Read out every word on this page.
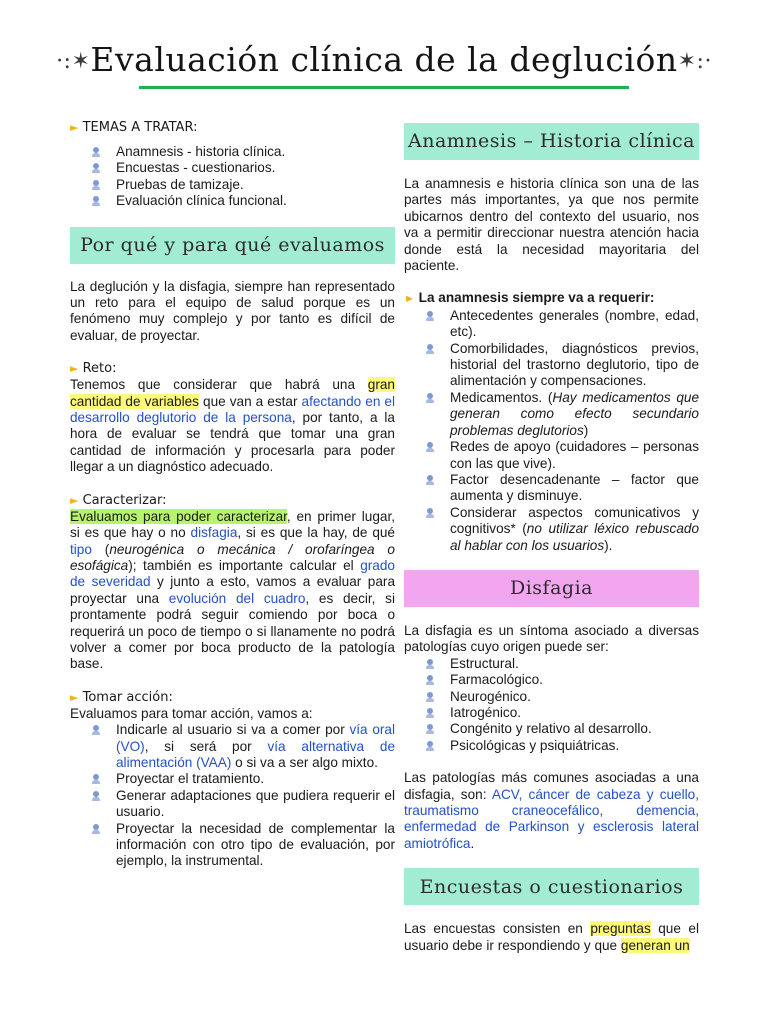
·:✶Evaluación clínica de la deglución✶:·
► TEMAS A TRATAR:
Anamnesis - historia clínica.
Encuestas - cuestionarios.
Pruebas de tamizaje.
Evaluación clínica funcional.
Por qué y para qué evaluamos

La deglución y la disfagia, siempre han representado un reto para el equipo de salud porque es un fenómeno muy complejo y por tanto es difícil de evaluar, de proyectar.

► Reto:

Tenemos que considerar que habrá una gran cantidad de variables que van a estar afectando en el desarrollo deglutorio de la persona, por tanto, a la hora de evaluar se tendrá que tomar una gran cantidad de información y procesarla para poder llegar a un diagnóstico adecuado.

► Caracterizar:

Evaluamos para poder caracterizar, en primer lugar, si es que hay o no disfagia, si es que la hay, de qué tipo (neurogénica o mecánica / orofaríngea o esofágica); también es importante calcular el grado de severidad y junto a esto, vamos a evaluar para proyectar una evolución del cuadro, es decir, si prontamente podrá seguir comiendo por boca o requerirá un poco de tiempo o si llanamente no podrá volver a comer por boca producto de la patología base.

► Tomar acción:

Evaluamos para tomar acción, vamos a:

Indicarle al usuario si va a comer por vía oral (VO), si será por vía alternativa de alimentación (VAA) o si va a ser algo mixto.
Proyectar el tratamiento.
Generar adaptaciones que pudiera requerir el usuario.
Proyectar la necesidad de complementar la información con otro tipo de evaluación, por ejemplo, la instrumental.
Anamnesis – Historia clínica

La anamnesis e historia clínica son una de las partes más importantes, ya que nos permite ubicarnos dentro del contexto del usuario, nos va a permitir direccionar nuestra atención hacia donde está la necesidad mayoritaria del paciente.

► La anamnesis siempre va a requerir:
Antecedentes generales (nombre, edad, etc).
Comorbilidades, diagnósticos previos, historial del trastorno deglutorio, tipo de alimentación y compensaciones.
Medicamentos. (Hay medicamentos que generan como efecto secundario problemas deglutorios)
Redes de apoyo (cuidadores – personas con las que vive).
Factor desencadenante – factor que aumenta y disminuye.
Considerar aspectos comunicativos y cognitivos* (no utilizar léxico rebuscado al hablar con los usuarios).
Disfagia

La disfagia es un síntoma asociado a diversas patologías cuyo origen puede ser:

Estructural.
Farmacológico.
Neurogénico.
Iatrogénico.
Congénito y relativo al desarrollo.
Psicológicas y psiquiátricas.

Las patologías más comunes asociadas a una disfagia, son: ACV, cáncer de cabeza y cuello, traumatismo craneocefálico, demencia, enfermedad de Parkinson y esclerosis lateral amiotrófica.

Encuestas o cuestionarios

Las encuestas consisten en preguntas que el usuario debe ir respondiendo y que generan un
